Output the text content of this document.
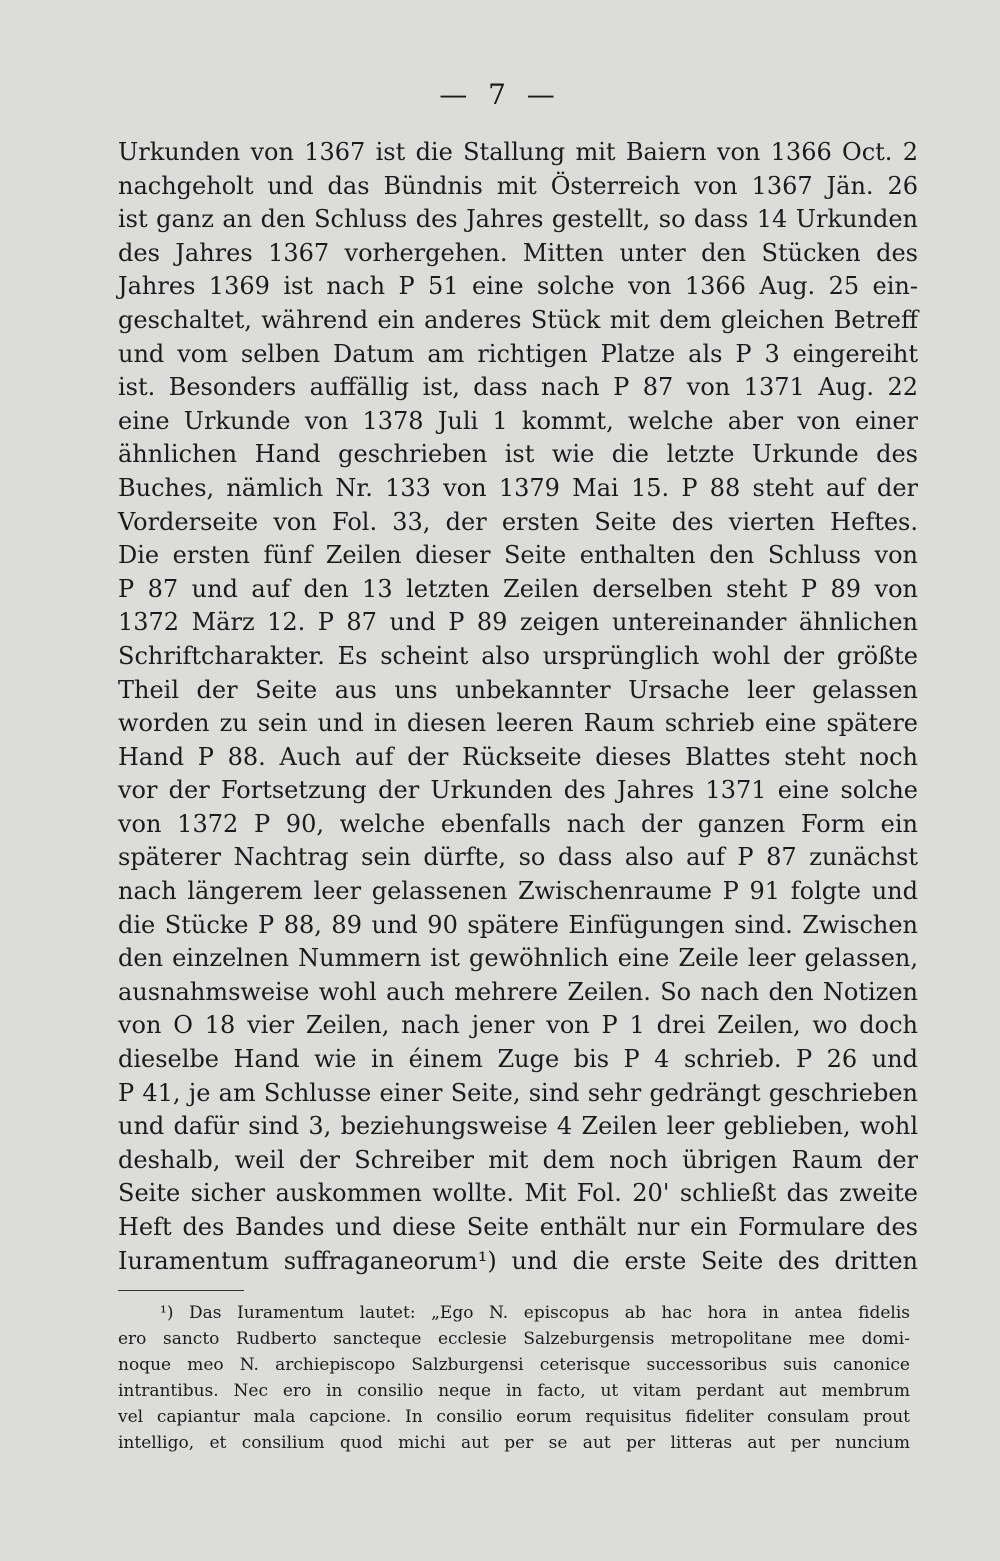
— 7 —
Urkunden von 1367 ist die Stallung mit Baiern von 1366 Oct. 2
nachgeholt und das Bündnis mit Österreich von 1367 Jän. 26
ist ganz an den Schluss des Jahres gestellt, so dass 14 Urkunden
des Jahres 1367 vorhergehen. Mitten unter den Stücken des
Jahres 1369 ist nach P 51 eine solche von 1366 Aug. 25 ein-
geschaltet, während ein anderes Stück mit dem gleichen Betreff
und vom selben Datum am richtigen Platze als P 3 eingereiht
ist. Besonders auffällig ist, dass nach P 87 von 1371 Aug. 22
eine Urkunde von 1378 Juli 1 kommt, welche aber von einer
ähnlichen Hand geschrieben ist wie die letzte Urkunde des
Buches, nämlich Nr. 133 von 1379 Mai 15. P 88 steht auf der
Vorderseite von Fol. 33, der ersten Seite des vierten Heftes.
Die ersten fünf Zeilen dieser Seite enthalten den Schluss von
P 87 und auf den 13 letzten Zeilen derselben steht P 89 von
1372 März 12. P 87 und P 89 zeigen untereinander ähnlichen
Schriftcharakter. Es scheint also ursprünglich wohl der größte
Theil der Seite aus uns unbekannter Ursache leer gelassen
worden zu sein und in diesen leeren Raum schrieb eine spätere
Hand P 88. Auch auf der Rückseite dieses Blattes steht noch
vor der Fortsetzung der Urkunden des Jahres 1371 eine solche
von 1372 P 90, welche ebenfalls nach der ganzen Form ein
späterer Nachtrag sein dürfte, so dass also auf P 87 zunächst
nach längerem leer gelassenen Zwischenraume P 91 folgte und
die Stücke P 88, 89 und 90 spätere Einfügungen sind. Zwischen
den einzelnen Nummern ist gewöhnlich eine Zeile leer gelassen,
ausnahmsweise wohl auch mehrere Zeilen. So nach den Notizen
von O 18 vier Zeilen, nach jener von P 1 drei Zeilen, wo doch
dieselbe Hand wie in éinem Zuge bis P 4 schrieb. P 26 und
P 41, je am Schlusse einer Seite, sind sehr gedrängt geschrieben
und dafür sind 3, beziehungsweise 4 Zeilen leer geblieben, wohl
deshalb, weil der Schreiber mit dem noch übrigen Raum der
Seite sicher auskommen wollte. Mit Fol. 20' schließt das zweite
Heft des Bandes und diese Seite enthält nur ein Formulare des
Iuramentum suffraganeorum¹) und die erste Seite des dritten
¹) Das Iuramentum lautet: „Ego N. episcopus ab hac hora in antea fidelis
ero sancto Rudberto sancteque ecclesie Salzeburgensis metropolitane mee domi-
noque meo N. archiepiscopo Salzburgensi ceterisque successoribus suis canonice
intrantibus. Nec ero in consilio neque in facto, ut vitam perdant aut membrum
vel capiantur mala capcione. In consilio eorum requisitus fideliter consulam prout
intelligo, et consilium quod michi aut per se aut per litteras aut per nuncium
